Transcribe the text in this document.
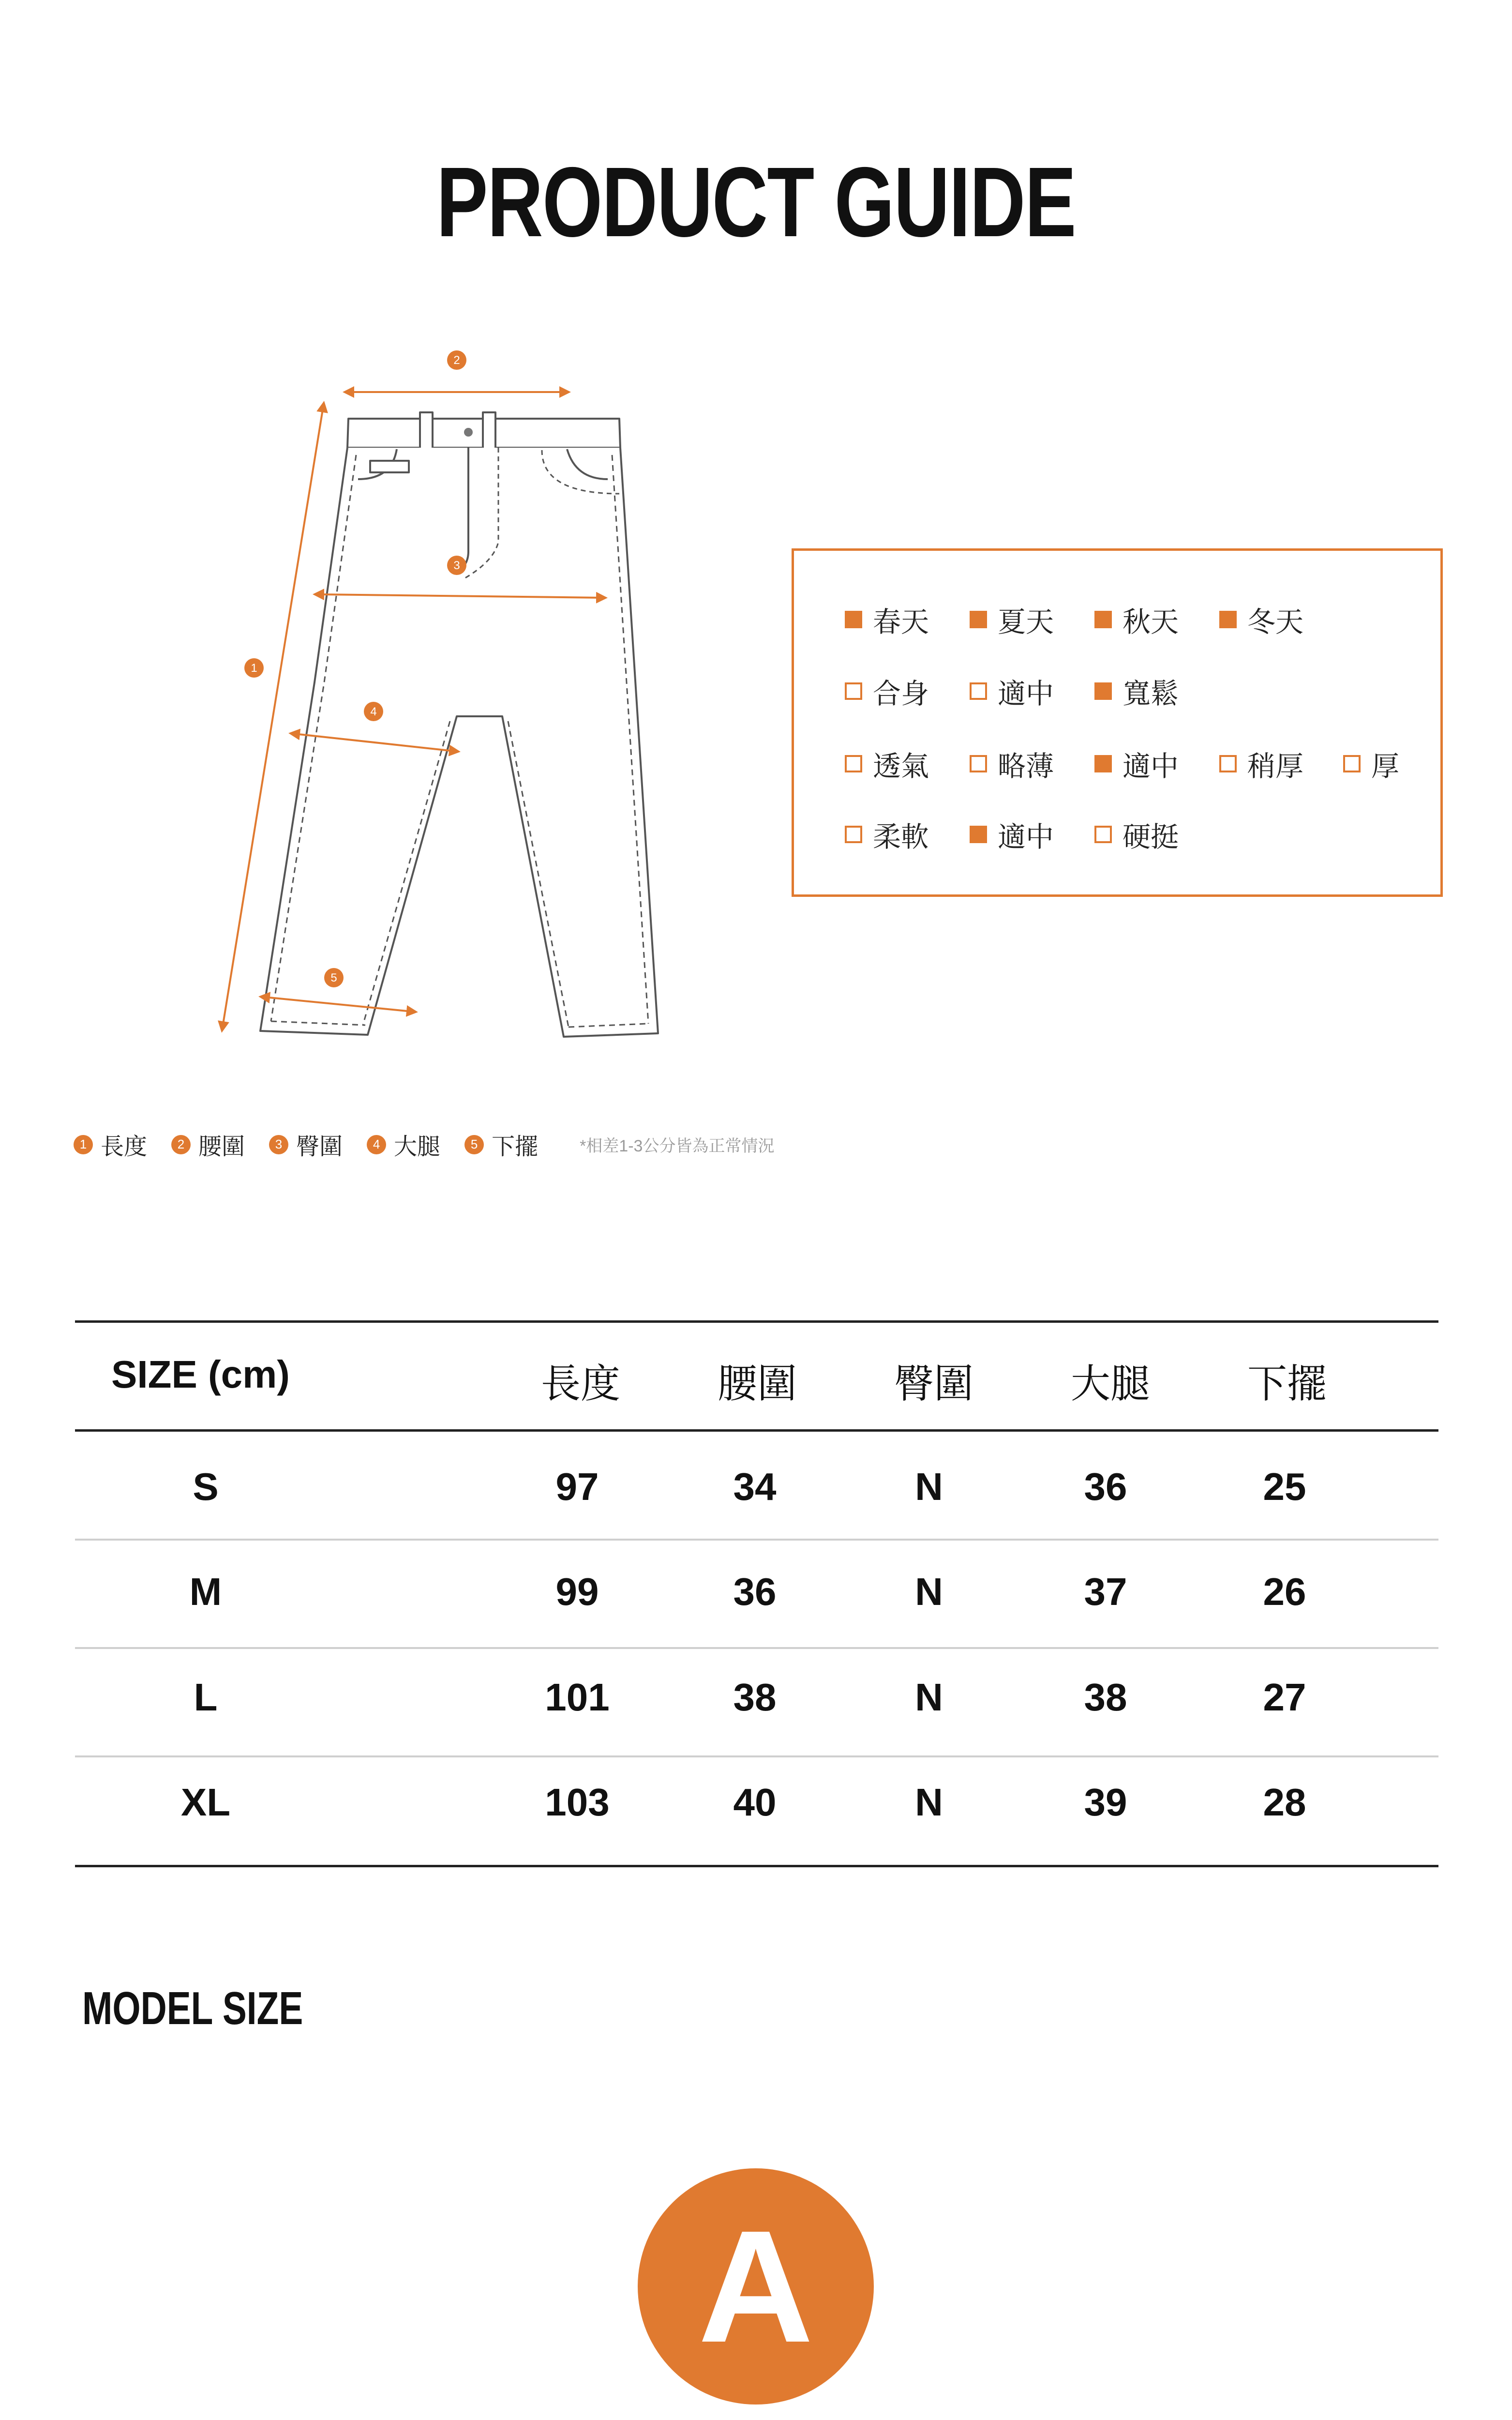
PRODUCT GUIDE
2
3
1
4
5
春天 夏天 秋天 冬天
合身 適中 寬鬆
透氣 略薄 適中 稍厚 厚
柔軟 適中 硬挺
1 長度	2 腰圍	3 臀圍	4 大腿	5 下擺	*相差1-3公分皆為正常情況
SIZE (cm)	長度 腰圍 臀圍 大腿 下擺
S	97	34	N	36	25
M	99	36	N	37	26
L	101	38	N	38	27
XL	103	40	N	39	28
MODEL SIZE
A
